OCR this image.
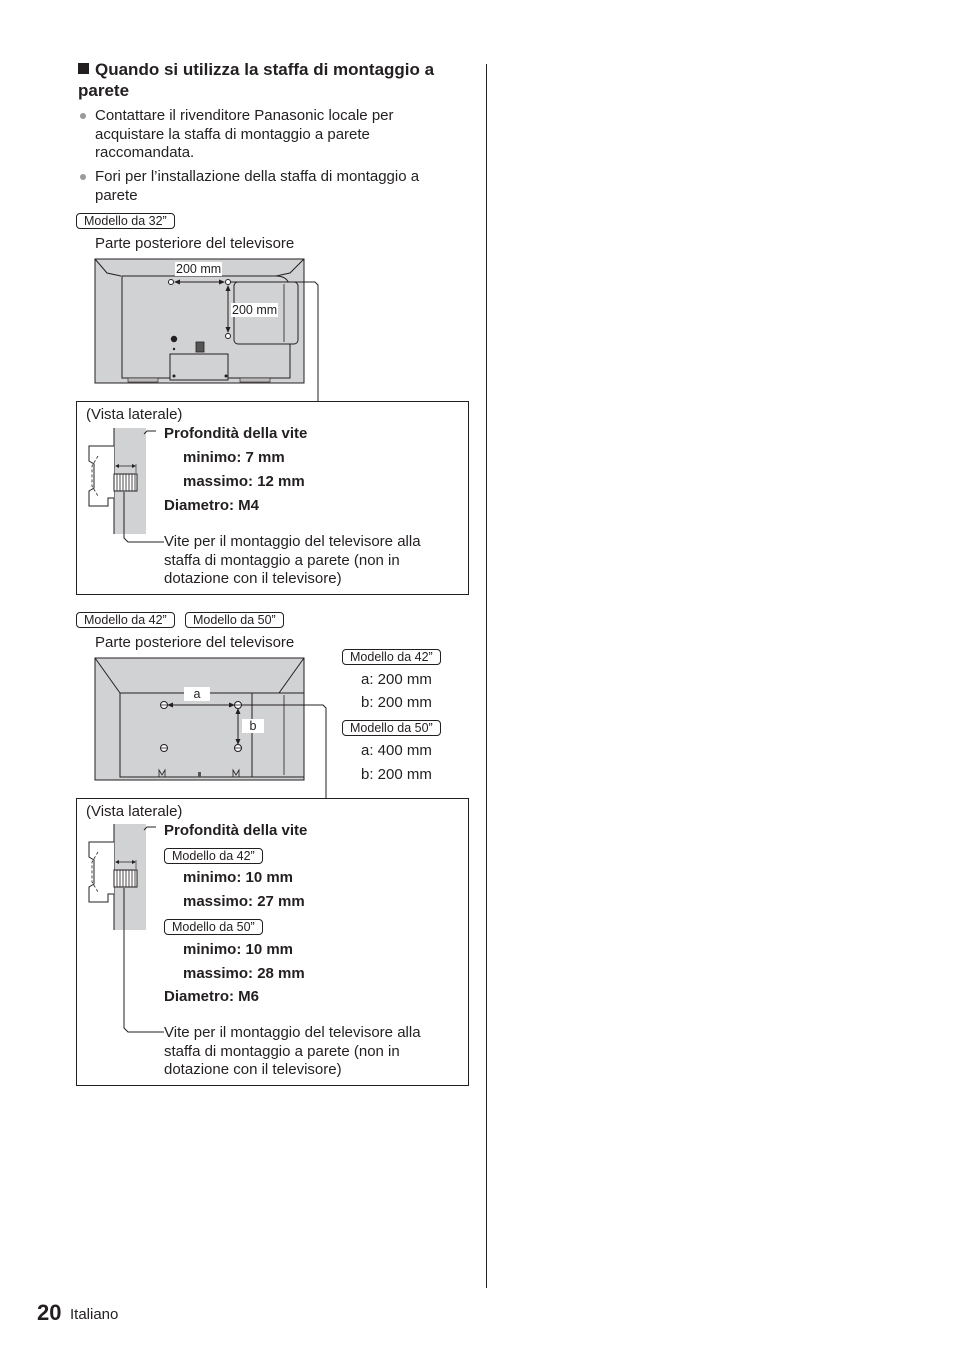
Quando si utilizza la staffa di montaggio a parete
Contattare il rivenditore Panasonic locale per acquistare la staffa di montaggio a parete raccomandata.
Fori per l’installazione della staffa di montaggio a parete
Modello da 32”
Parte posteriore del televisore
200 mm
200 mm
(Vista laterale)
Profondità della vite
minimo: 7 mm
massimo: 12 mm
Diametro: M4
Vite per il montaggio del televisore alla staffa di montaggio a parete (non in dotazione con il televisore)
Modello da 42”	Modello da 50”
Parte posteriore del televisore
a
b
Modello da 42”
a: 200 mm
b: 200 mm
Modello da 50”
a: 400 mm
b: 200 mm
(Vista laterale)
Profondità della vite
Modello da 42”
minimo: 10 mm
massimo: 27 mm
Modello da 50”
minimo: 10 mm
massimo: 28 mm
Diametro: M6
Vite per il montaggio del televisore alla staffa di montaggio a parete (non in dotazione con il televisore)
20 Italiano
